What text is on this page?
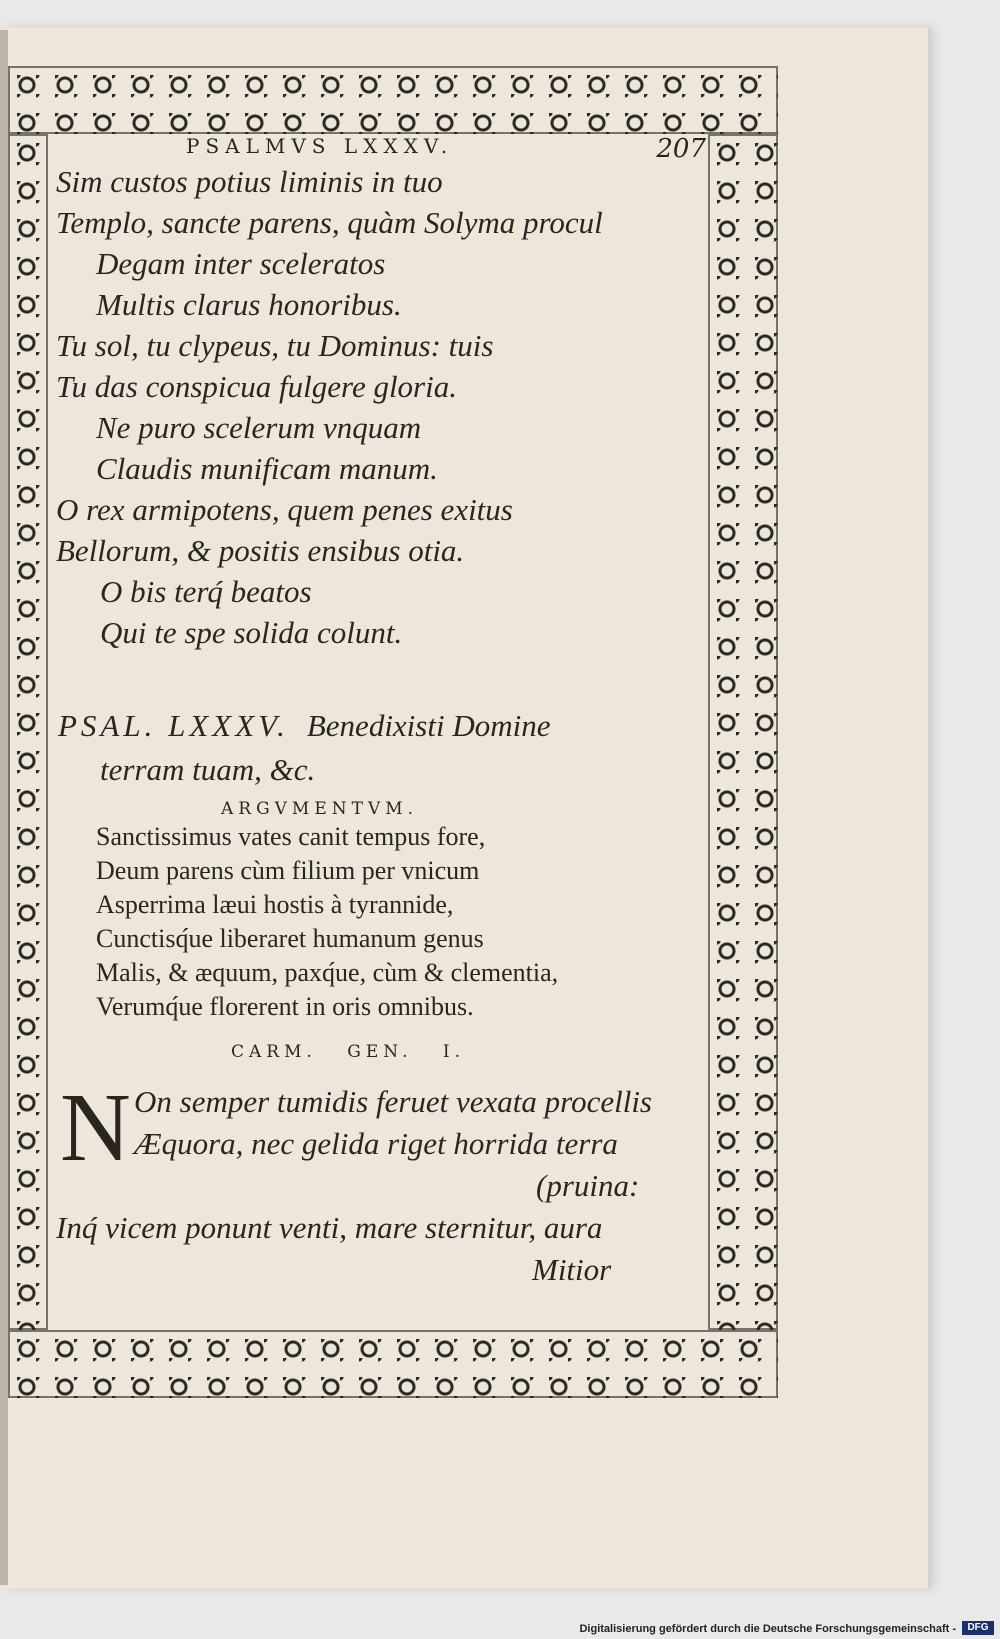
PSALMVS LXXXV.	207
Sim custos potius liminis in tuo
Templo, sancte parens, quàm Solyma procul
Degam inter sceleratos
Multis clarus honoribus.
Tu sol, tu clypeus, tu Dominus: tuis
Tu das conspicua fulgere gloria.
Ne puro scelerum vnquam
Claudis munificam manum.
O rex armipotens, quem penes exitus
Bellorum, & positis ensibus otia.
O bis terq́ beatos
Qui te spe solida colunt.
PSAL. LXXXV. Benedixisti Domine
terram tuam, &c.
ARGVMENTVM.
Sanctissimus vates canit tempus fore,
Deum parens cùm filium per vnicum
Asperrima læui hostis à tyrannide,
Cunctisq́ue liberaret humanum genus
Malis, & æquum, paxq́ue, cùm & clementia,
Verumq́ue florerent in oris omnibus.
CARM. GEN. I.
N On semper tumidis feruet vexata procellis
Æquora, nec gelida riget horrida terra
(pruina:
Inq́ vicem ponunt venti, mare sternitur, aura
Mitior
Digitalisierung gefördert durch die Deutsche Forschungsgemeinschaft -	DFG
